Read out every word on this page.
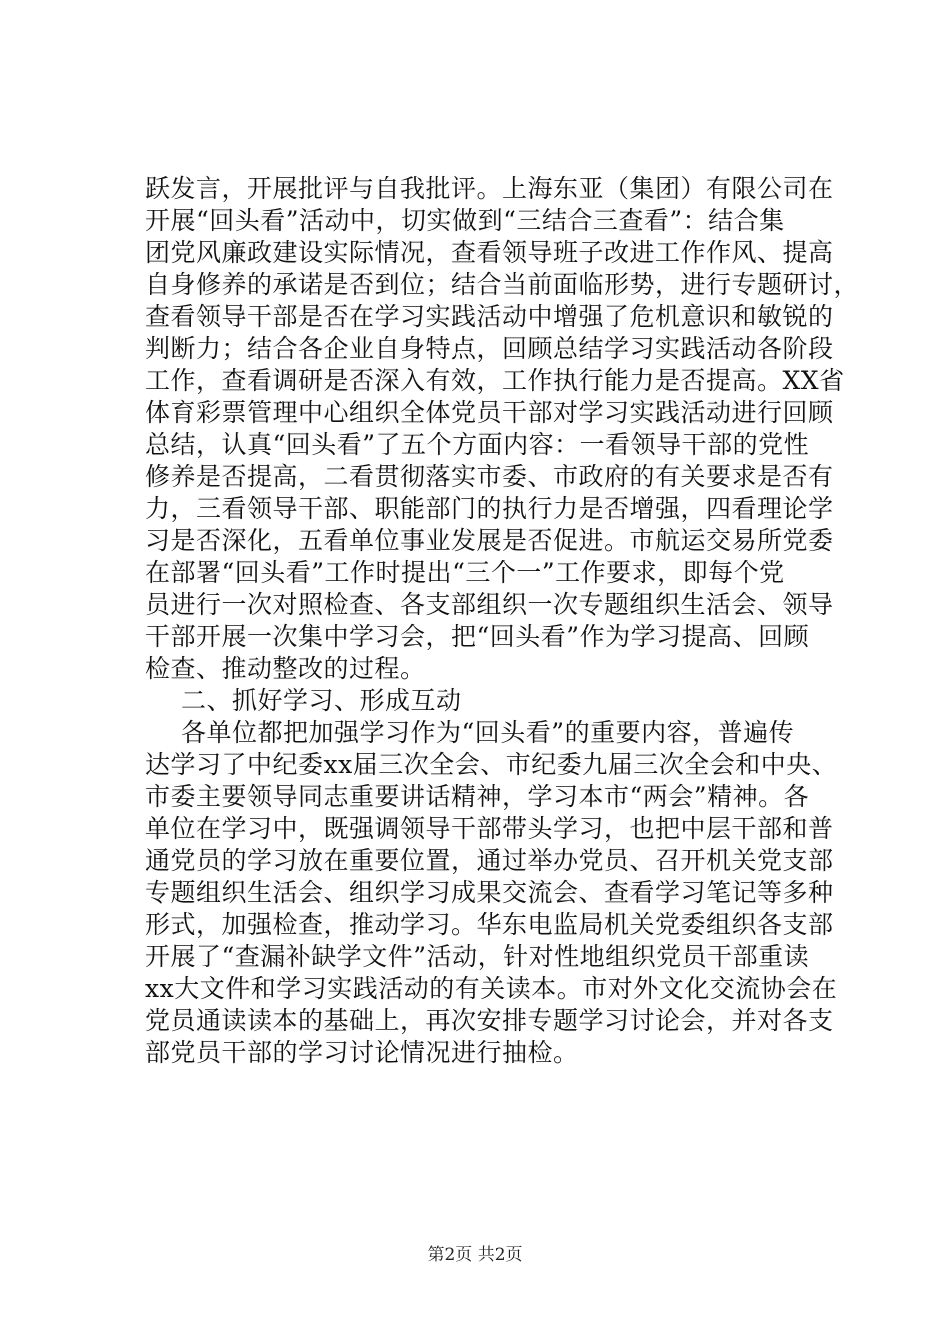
跃发言，开展批评与自我批评。上海东亚（集团）有限公司在
开展“回头看”活动中，切实做到“三结合三查看”：结合集
团党风廉政建设实际情况，查看领导班子改进工作作风、提高
自身修养的承诺是否到位；结合当前面临形势，进行专题研讨，
查看领导干部是否在学习实践活动中增强了危机意识和敏锐的
判断力；结合各企业自身特点，回顾总结学习实践活动各阶段
工作，查看调研是否深入有效，工作执行能力是否提高。XX省
体育彩票管理中心组织全体党员干部对学习实践活动进行回顾
总结，认真“回头看”了五个方面内容：一看领导干部的党性
修养是否提高，二看贯彻落实市委、市政府的有关要求是否有
力，三看领导干部、职能部门的执行力是否增强，四看理论学
习是否深化，五看单位事业发展是否促进。市航运交易所党委
在部署“回头看”工作时提出“三个一”工作要求，即每个党
员进行一次对照检查、各支部组织一次专题组织生活会、领导
干部开展一次集中学习会，把“回头看”作为学习提高、回顾
检查、推动整改的过程。
二、抓好学习、形成互动
各单位都把加强学习作为“回头看”的重要内容，普遍传
达学习了中纪委xx届三次全会、市纪委九届三次全会和中央、
市委主要领导同志重要讲话精神，学习本市“两会”精神。各
单位在学习中，既强调领导干部带头学习，也把中层干部和普
通党员的学习放在重要位置，通过举办党员、召开机关党支部
专题组织生活会、组织学习成果交流会、查看学习笔记等多种
形式，加强检查，推动学习。华东电监局机关党委组织各支部
开展了“查漏补缺学文件”活动，针对性地组织党员干部重读
xx大文件和学习实践活动的有关读本。市对外文化交流协会在
党员通读读本的基础上，再次安排专题学习讨论会，并对各支
部党员干部的学习讨论情况进行抽检。
第2页 共2页
